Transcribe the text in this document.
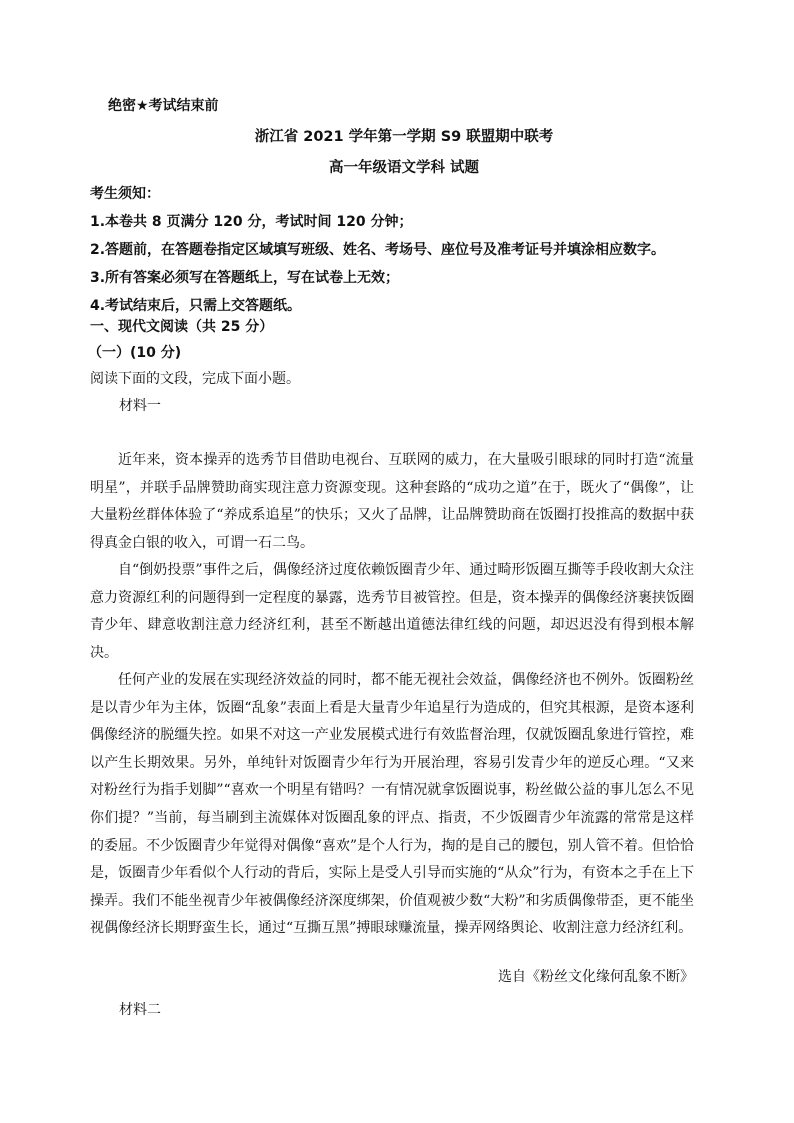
绝密★考试结束前
浙江省 2021 学年第一学期 S9 联盟期中联考
高一年级语文学科 试题
考生须知：
1.本卷共 8 页满分 120 分，考试时间 120 分钟；
2.答题前，在答题卷指定区域填写班级、姓名、考场号、座位号及准考证号并填涂相应数字。
3.所有答案必须写在答题纸上，写在试卷上无效；
4.考试结束后，只需上交答题纸。
一、现代文阅读（共 25 分）
（一）(10 分)
阅读下面的文段，完成下面小题。
材料一
近年来，资本操弄的选秀节目借助电视台、互联网的威力，在大量吸引眼球的同时打造“流量明星”，并联手品牌赞助商实现注意力资源变现。这种套路的“成功之道”在于，既火了“偶像”，让大量粉丝群体体验了“养成系追星”的快乐；又火了品牌，让品牌赞助商在饭圈打投推高的数据中获得真金白银的收入，可谓一石二鸟。
自“倒奶投票”事件之后，偶像经济过度依赖饭圈青少年、通过畸形饭圈互撕等手段收割大众注意力资源红利的问题得到一定程度的暴露，选秀节目被管控。但是，资本操弄的偶像经济裹挟饭圈青少年、肆意收割注意力经济红利，甚至不断越出道德法律红线的问题，却迟迟没有得到根本解决。
任何产业的发展在实现经济效益的同时，都不能无视社会效益，偶像经济也不例外。饭圈粉丝是以青少年为主体，饭圈“乱象”表面上看是大量青少年追星行为造成的，但究其根源，是资本逐利偶像经济的脱缰失控。如果不对这一产业发展模式进行有效监督治理，仅就饭圈乱象进行管控，难以产生长期效果。另外，单纯针对饭圈青少年行为开展治理，容易引发青少年的逆反心理。“又来对粉丝行为指手划脚”“喜欢一个明星有错吗？一有情况就拿饭圈说事，粉丝做公益的事儿怎么不见你们提？”当前，每当刷到主流媒体对饭圈乱象的评点、指责，不少饭圈青少年流露的常常是这样的委屈。不少饭圈青少年觉得对偶像“喜欢”是个人行为，掏的是自己的腰包，别人管不着。但恰恰是，饭圈青少年看似个人行动的背后，实际上是受人引导而实施的“从众”行为，有资本之手在上下操弄。我们不能坐视青少年被偶像经济深度绑架，价值观被少数“大粉”和劣质偶像带歪，更不能坐视偶像经济长期野蛮生长，通过“互撕互黑”搏眼球赚流量，操弄网络舆论、收割注意力经济红利。
选自《粉丝文化缘何乱象不断》
材料二
